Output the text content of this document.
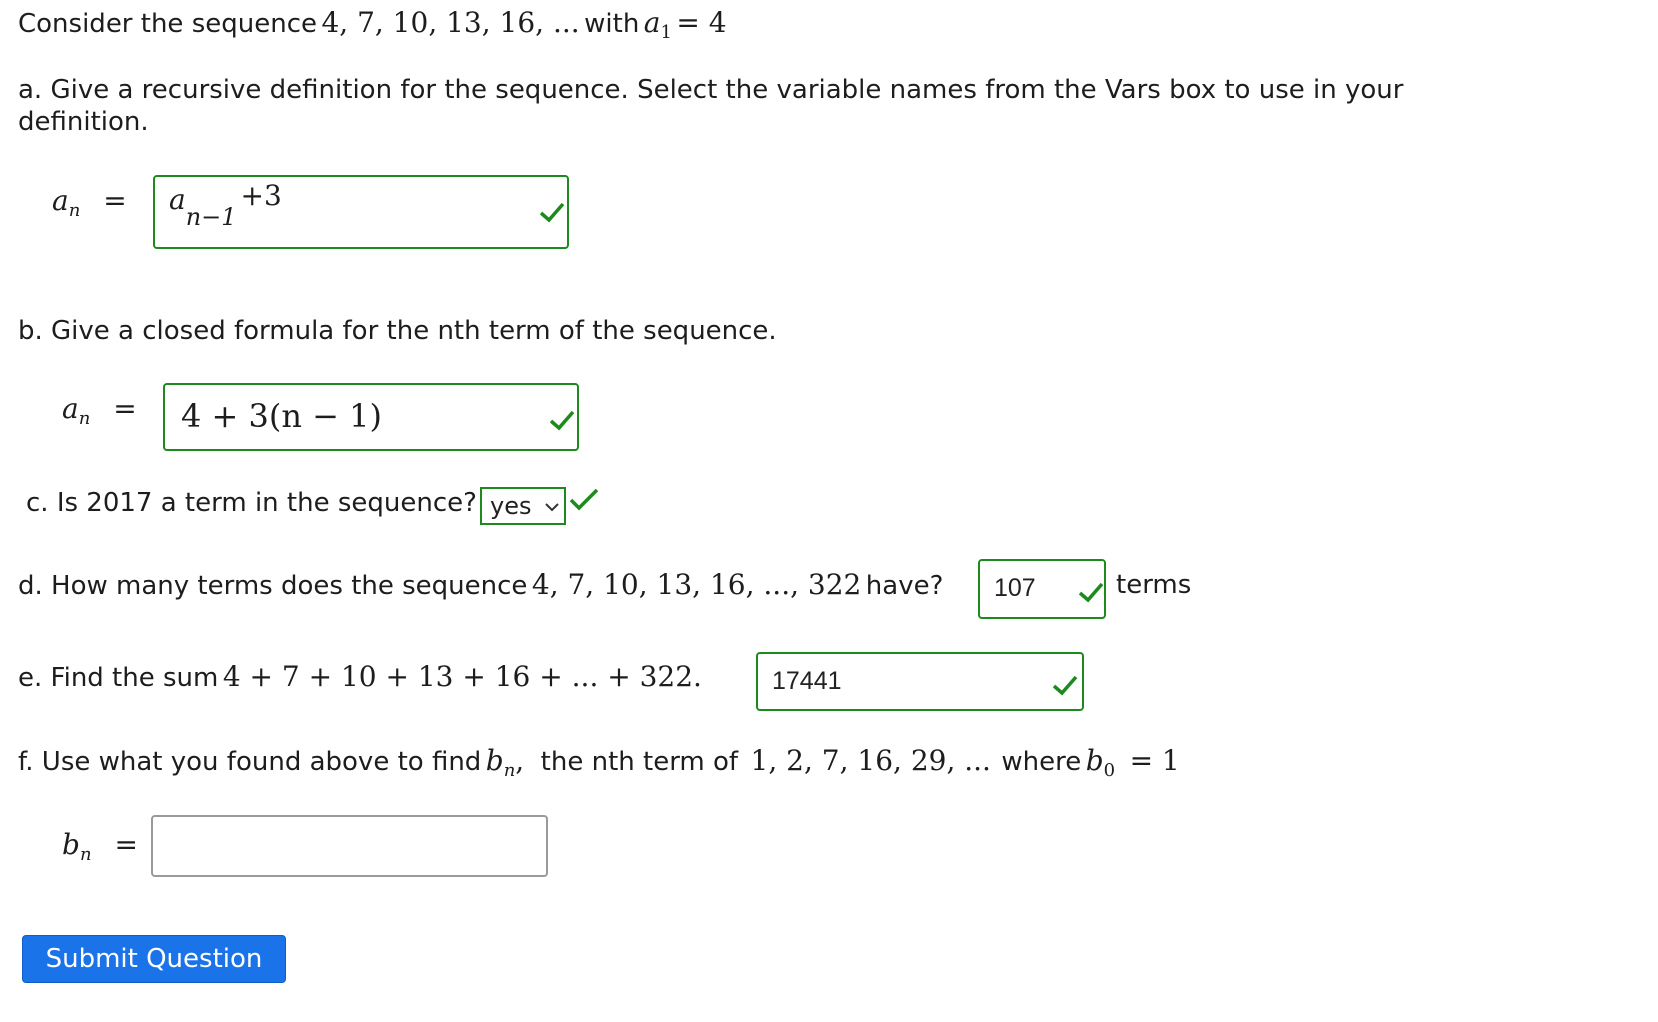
Consider the sequence 4, 7, 10, 13, 16, ... with $a_1 = 4$
a. Give a recursive definition for the sequence. Select the variable names from the Vars box to use in your
definition.
$a_n = an-1+3$
b. Give a closed formula for the nth term of the sequence.
$a_n = 4 + 3(n - 1)$
c. Is 2017 a term in the sequence? yes
d. How many terms does the sequence 4, 7, 10, 13, 16, ..., 322 have? 107	terms
e. Find the sum 4 + 7 + 10 + 13 + 16 + ... + 322.	17441
f. Use what you found above to find $b_n$, the nth term of 1, 2, 7, 16, 29, ... where $b_0 = 1$
$b_n$ =
Submit Question
